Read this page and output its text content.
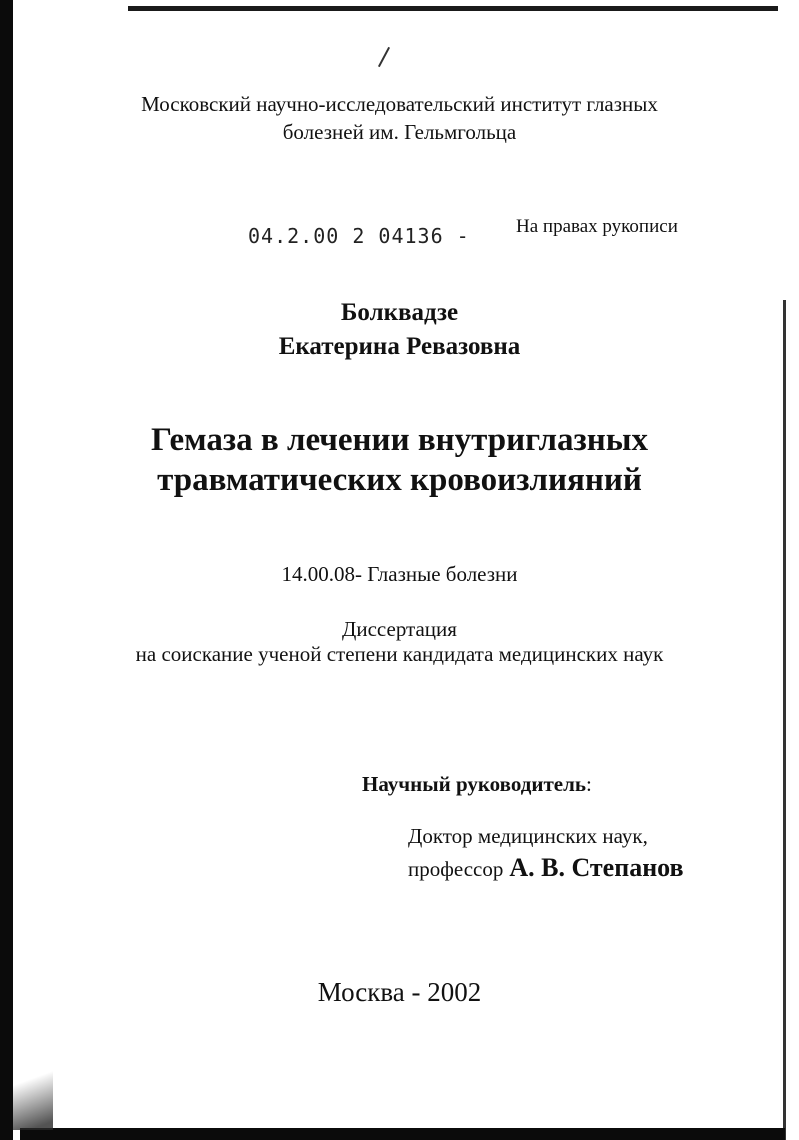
Московский научно-исследовательский институт глазных
болезней им. Гельмгольца
04.2.00 2 04136 - На правах рукописи
Болквадзе
Екатерина Ревазовна
Гемаза в лечении внутриглазных
травматических кровоизлияний
14.00.08- Глазные болезни
Диссертация
на соискание ученой степени кандидата медицинских наук
Научный руководитель:
Доктор медицинских наук,
профессор А. В. Степанов
Москва - 2002
